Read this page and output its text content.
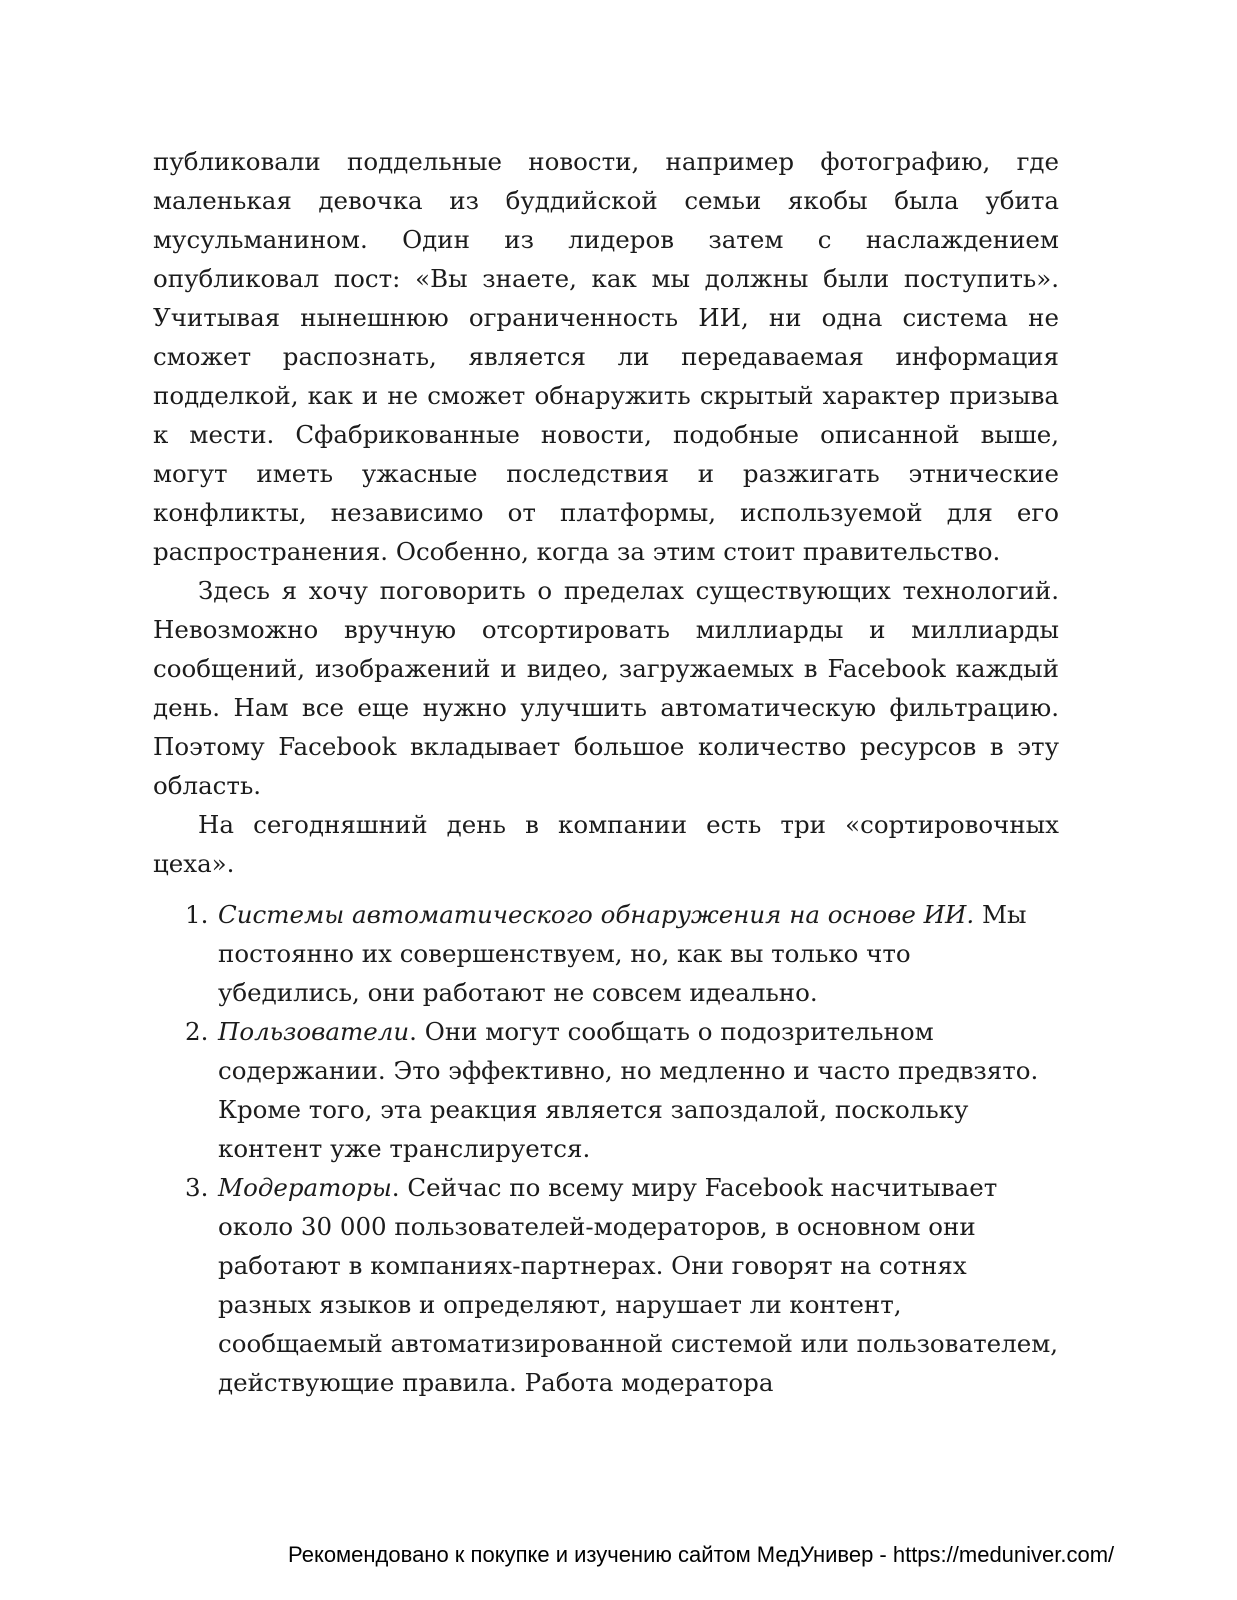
публиковали поддельные новости, например фотографию, где маленькая девочка из буддийской семьи якобы была убита мусульманином. Один из лидеров затем с наслаждением опубликовал пост: «Вы знаете, как мы должны были поступить». Учитывая нынешнюю ограниченность ИИ, ни одна система не сможет распознать, является ли передаваемая информация подделкой, как и не сможет обнаружить скрытый характер призыва к мести. Сфабрикованные новости, подобные описанной выше, могут иметь ужасные последствия и разжигать этнические конфликты, независимо от платформы, используемой для его распространения. Особенно, когда за этим стоит правительство.

Здесь я хочу поговорить о пределах существующих технологий. Невозможно вручную отсортировать миллиарды и миллиарды сообщений, изображений и видео, загружаемых в Facebook каждый день. Нам все еще нужно улучшить автоматическую фильтрацию. Поэтому Facebook вкладывает большое количество ресурсов в эту область.

На сегодняшний день в компании есть три «сортировочных цеха».

1. Системы автоматического обнаружения на основе ИИ. Мы постоянно их совершенствуем, но, как вы только что убедились, они работают не совсем идеально.
2. Пользователи. Они могут сообщать о подозрительном содержании. Это эффективно, но медленно и часто предвзято. Кроме того, эта реакция является запоздалой, поскольку контент уже транслируется.
3. Модераторы. Сейчас по всему миру Facebook насчитывает около 30 000 пользователей-модераторов, в основном они работают в компаниях-партнерах. Они говорят на сотнях разных языков и определяют, нарушает ли контент, сообщаемый автоматизированной системой или пользователем, действующие правила. Работа модератора
Рекомендовано к покупке и изучению сайтом МедУнивер - https://meduniver.com/
